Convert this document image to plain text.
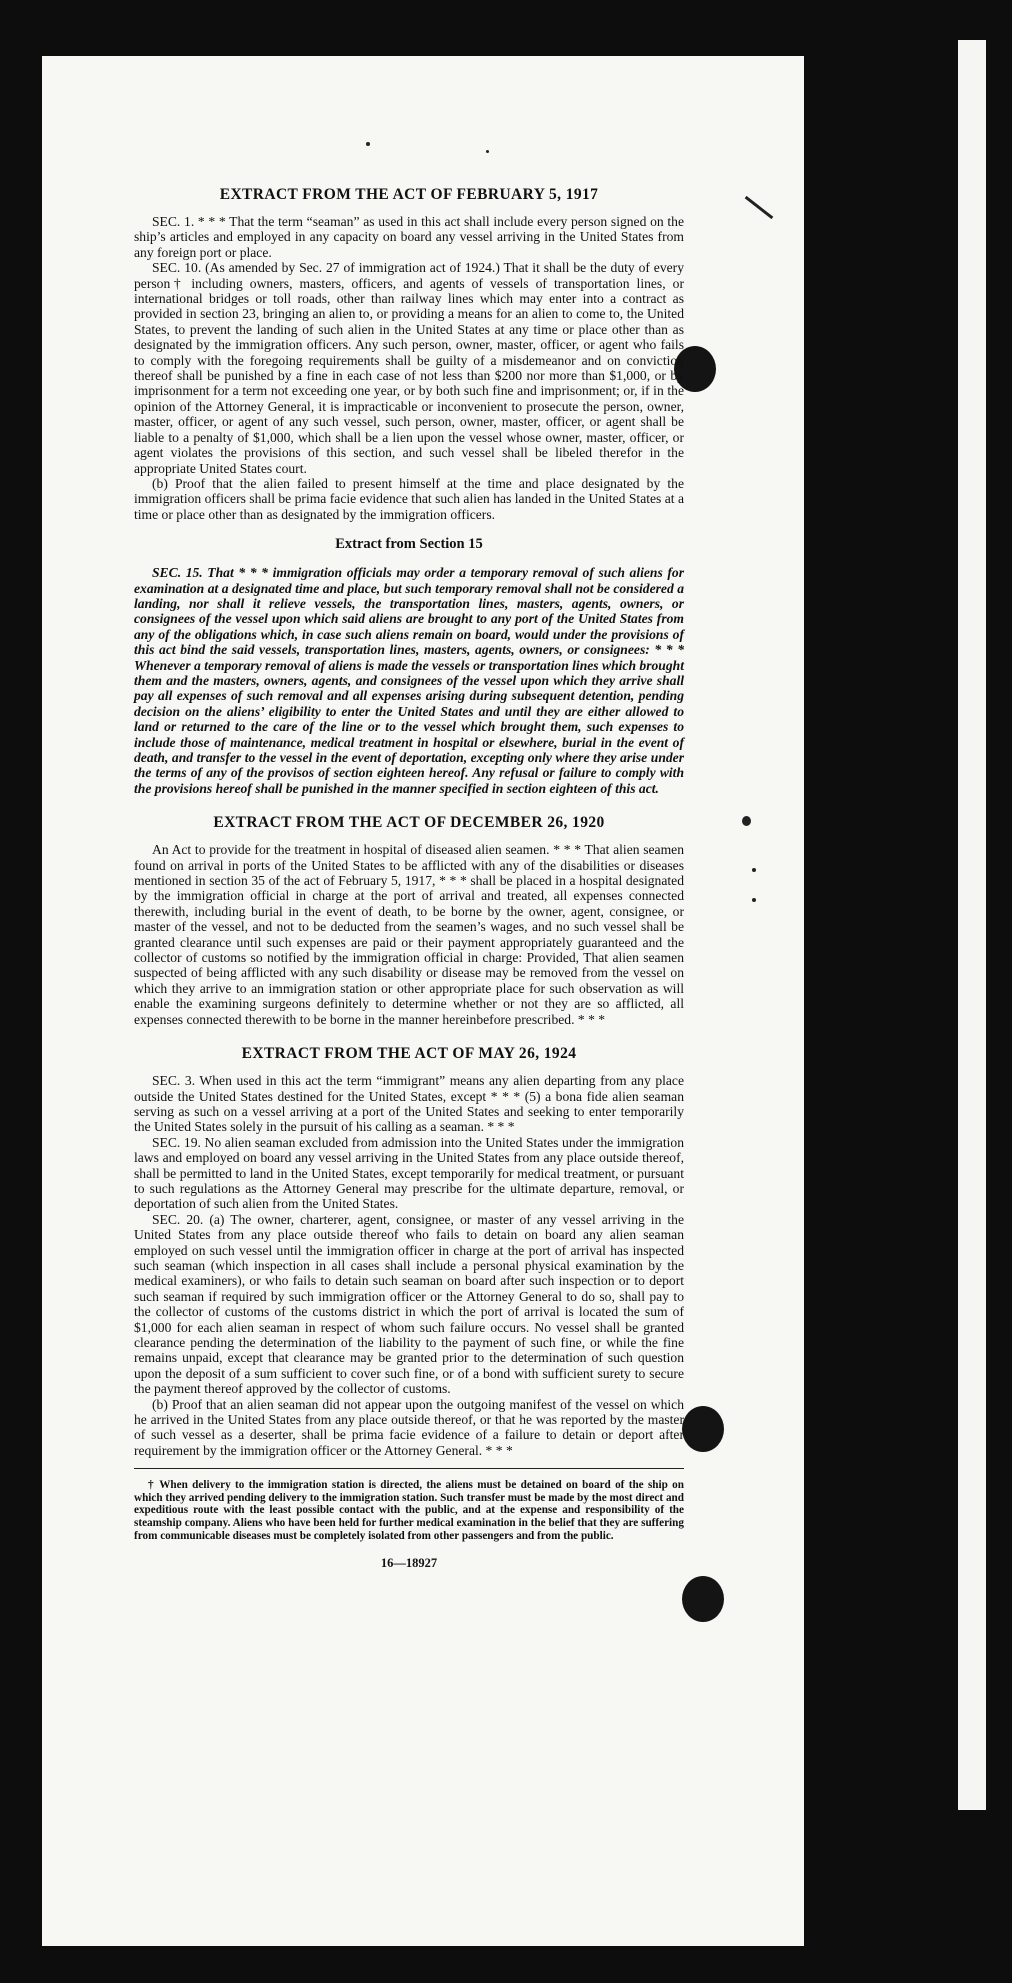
EXTRACT FROM THE ACT OF FEBRUARY 5, 1917

SEC. 1. * * * That the term “seaman” as used in this act shall include every person signed on the ship’s articles and employed in any capacity on board any vessel arriving in the United States from any foreign port or place.

SEC. 10. (As amended by Sec. 27 of immigration act of 1924.) That it shall be the duty of every person† including owners, masters, officers, and agents of vessels of transportation lines, or international bridges or toll roads, other than railway lines which may enter into a contract as provided in section 23, bringing an alien to, or providing a means for an alien to come to, the United States, to prevent the landing of such alien in the United States at any time or place other than as designated by the immigration officers. Any such person, owner, master, officer, or agent who fails to comply with the foregoing requirements shall be guilty of a misdemeanor and on conviction thereof shall be punished by a fine in each case of not less than $200 nor more than $1,000, or by imprisonment for a term not exceeding one year, or by both such fine and imprisonment; or, if in the opinion of the Attorney General, it is impracticable or inconvenient to prosecute the person, owner, master, officer, or agent of any such vessel, such person, owner, master, officer, or agent shall be liable to a penalty of $1,000, which shall be a lien upon the vessel whose owner, master, officer, or agent violates the provisions of this section, and such vessel shall be libeled therefor in the appropriate United States court.

(b) Proof that the alien failed to present himself at the time and place designated by the immigration officers shall be prima facie evidence that such alien has landed in the United States at a time or place other than as designated by the immigration officers.

Extract from Section 15

SEC. 15. That * * * immigration officials may order a temporary removal of such aliens for examination at a designated time and place, but such temporary removal shall not be considered a landing, nor shall it relieve vessels, the transportation lines, masters, agents, owners, or consignees of the vessel upon which said aliens are brought to any port of the United States from any of the obligations which, in case such aliens remain on board, would under the provisions of this act bind the said vessels, transportation lines, masters, agents, owners, or consignees: * * * Whenever a temporary removal of aliens is made the vessels or transportation lines which brought them and the masters, owners, agents, and consignees of the vessel upon which they arrive shall pay all expenses of such removal and all expenses arising during subsequent detention, pending decision on the aliens’ eligibility to enter the United States and until they are either allowed to land or returned to the care of the line or to the vessel which brought them, such expenses to include those of maintenance, medical treatment in hospital or elsewhere, burial in the event of death, and transfer to the vessel in the event of deportation, excepting only where they arise under the terms of any of the provisos of section eighteen hereof. Any refusal or failure to comply with the provisions hereof shall be punished in the manner specified in section eighteen of this act.

EXTRACT FROM THE ACT OF DECEMBER 26, 1920

An Act to provide for the treatment in hospital of diseased alien seamen. * * * That alien seamen found on arrival in ports of the United States to be afflicted with any of the disabilities or diseases mentioned in section 35 of the act of February 5, 1917, * * * shall be placed in a hospital designated by the immigration official in charge at the port of arrival and treated, all expenses connected therewith, including burial in the event of death, to be borne by the owner, agent, consignee, or master of the vessel, and not to be deducted from the seamen’s wages, and no such vessel shall be granted clearance until such expenses are paid or their payment appropriately guaranteed and the collector of customs so notified by the immigration official in charge: Provided, That alien seamen suspected of being afflicted with any such disability or disease may be removed from the vessel on which they arrive to an immigration station or other appropriate place for such observation as will enable the examining surgeons definitely to determine whether or not they are so afflicted, all expenses connected therewith to be borne in the manner hereinbefore prescribed. * * *

EXTRACT FROM THE ACT OF MAY 26, 1924

SEC. 3. When used in this act the term “immigrant” means any alien departing from any place outside the United States destined for the United States, except * * * (5) a bona fide alien seaman serving as such on a vessel arriving at a port of the United States and seeking to enter temporarily the United States solely in the pursuit of his calling as a seaman. * * *

SEC. 19. No alien seaman excluded from admission into the United States under the immigration laws and employed on board any vessel arriving in the United States from any place outside thereof, shall be permitted to land in the United States, except temporarily for medical treatment, or pursuant to such regulations as the Attorney General may prescribe for the ultimate departure, removal, or deportation of such alien from the United States.

SEC. 20. (a) The owner, charterer, agent, consignee, or master of any vessel arriving in the United States from any place outside thereof who fails to detain on board any alien seaman employed on such vessel until the immigration officer in charge at the port of arrival has inspected such seaman (which inspection in all cases shall include a personal physical examination by the medical examiners), or who fails to detain such seaman on board after such inspection or to deport such seaman if required by such immigration officer or the Attorney General to do so, shall pay to the collector of customs of the customs district in which the port of arrival is located the sum of $1,000 for each alien seaman in respect of whom such failure occurs. No vessel shall be granted clearance pending the determination of the liability to the payment of such fine, or while the fine remains unpaid, except that clearance may be granted prior to the determination of such question upon the deposit of a sum sufficient to cover such fine, or of a bond with sufficient surety to secure the payment thereof approved by the collector of customs.

(b) Proof that an alien seaman did not appear upon the outgoing manifest of the vessel on which he arrived in the United States from any place outside thereof, or that he was reported by the master of such vessel as a deserter, shall be prima facie evidence of a failure to detain or deport after requirement by the immigration officer or the Attorney General. * * *

† When delivery to the immigration station is directed, the aliens must be detained on board of the ship on which they arrived pending delivery to the immigration station. Such transfer must be made by the most direct and expeditious route with the least possible contact with the public, and at the expense and responsibility of the steamship company. Aliens who have been held for further medical examination in the belief that they are suffering from communicable diseases must be completely isolated from other passengers and from the public.

16—18927
